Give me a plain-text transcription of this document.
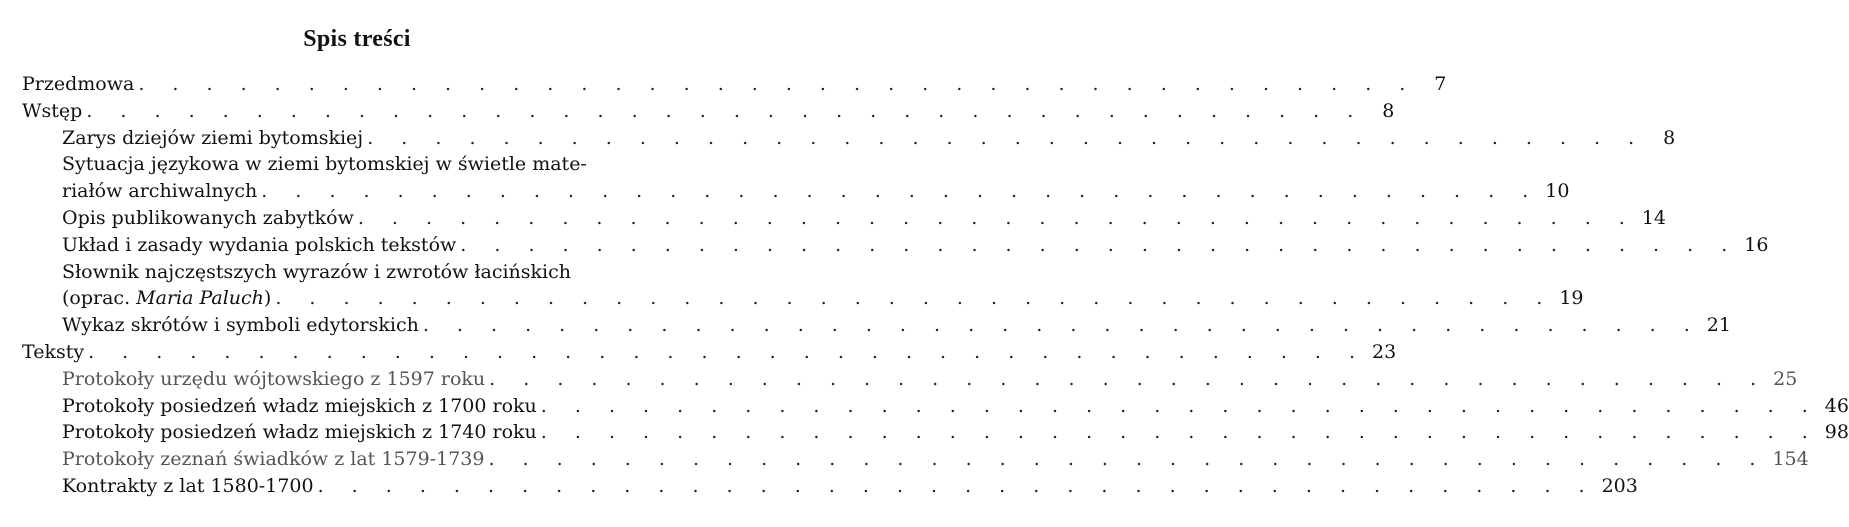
Spis treści
Przedmowa . . . . . . . . . . . . . . . . . . . . . . . . . . . . . . . . . . . . . . 7
Wstęp . . . . . . . . . . . . . . . . . . . . . . . . . . . . . . . . . . . . . . 8
Zarys dziejów ziemi bytomskiej . . . . . . . . . . . . . . . . . . . . . . . . . . . . . . . . . . . . . . 8
Sytuacja językowa w ziemi bytomskiej w świetle mate-
riałów archiwalnych . . . . . . . . . . . . . . . . . . . . . . . . . . . . . . . . . . . . . . 10
Opis publikowanych zabytków . . . . . . . . . . . . . . . . . . . . . . . . . . . . . . . . . . . . . . 14
Układ i zasady wydania polskich tekstów . . . . . . . . . . . . . . . . . . . . . . . . . . . . . . . . . . . . . . 16
Słownik najczęstszych wyrazów i zwrotów łacińskich
(oprac. Maria Paluch) . . . . . . . . . . . . . . . . . . . . . . . . . . . . . . . . . . . . . . 19
Wykaz skrótów i symboli edytorskich . . . . . . . . . . . . . . . . . . . . . . . . . . . . . . . . . . . . . . 21
Teksty . . . . . . . . . . . . . . . . . . . . . . . . . . . . . . . . . . . . . . 23
Protokoły urzędu wójtowskiego z 1597 roku . . . . . . . . . . . . . . . . . . . . . . . . . . . . . . . . . . . . . . 25
Protokoły posiedzeń władz miejskich z 1700 roku . . . . . . . . . . . . . . . . . . . . . . . . . . . . . . . . . . . . . . 46
Protokoły posiedzeń władz miejskich z 1740 roku . . . . . . . . . . . . . . . . . . . . . . . . . . . . . . . . . . . . . . 98
Protokoły zeznań świadków z lat 1579-1739 . . . . . . . . . . . . . . . . . . . . . . . . . . . . . . . . . . . . . . 154
Kontrakty z lat 1580-1700 . . . . . . . . . . . . . . . . . . . . . . . . . . . . . . . . . . . . . . 203
